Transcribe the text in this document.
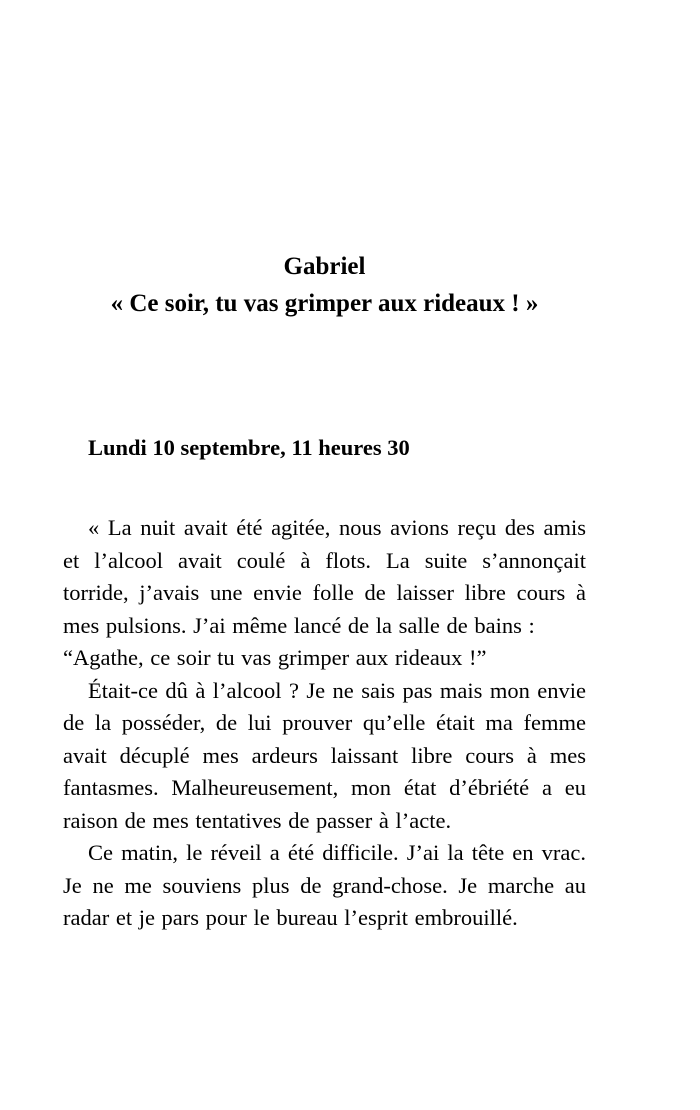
Gabriel
« Ce soir, tu vas grimper aux rideaux ! »
Lundi 10 septembre, 11 heures 30

« La nuit avait été agitée, nous avions reçu des amis et l’alcool avait coulé à flots. La suite s’annonçait torride, j’avais une envie folle de laisser libre cours à mes pulsions. J’ai même lancé de la salle de bains :

“Agathe, ce soir tu vas grimper aux rideaux !”

Était-ce dû à l’alcool ? Je ne sais pas mais mon envie de la posséder, de lui prouver qu’elle était ma femme avait décuplé mes ardeurs laissant libre cours à mes fantasmes. Malheureusement, mon état d’ébriété a eu raison de mes tentatives de passer à l’acte.

Ce matin, le réveil a été difficile. J’ai la tête en vrac. Je ne me souviens plus de grand-chose. Je marche au radar et je pars pour le bureau l’esprit embrouillé.
